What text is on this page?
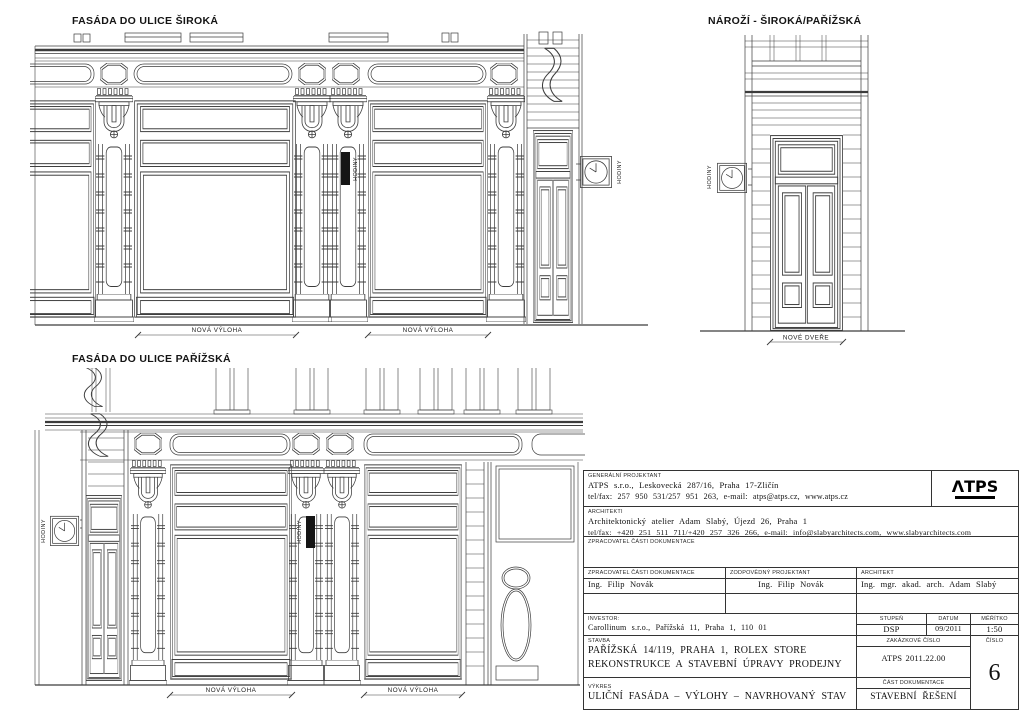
FASÁDA DO ULICE ŠIROKÁ
HODINY	HODINY
NOVÁ VÝLOHA	NOVÁ VÝLOHA
NÁROŽÍ - ŠIROKÁ/PAŘÍŽSKÁ
HODINY
NOVÉ DVEŘE
FASÁDA DO ULICE PAŘÍŽSKÁ
HODINY
HODINY
NOVÁ VÝLOHA	NOVÁ VÝLOHA
GENERÁLNÍ PROJEKTANT
ATPS s.r.o., Leskovecká 287/16, Praha 17-Zličín
tel/fax: 257 950 531/257 951 263, e-mail: atps@atps.cz, www.atps.cz
ΛTPS
ARCHITEKTI
Architektonický atelier Adam Slabý, Újezd 26, Praha 1
tel/fax: +420 251 511 711/+420 257 326 266, e-mail: info@slabyarchitects.com, www.slabyarchitects.com
ZPRACOVATEL ČÁSTI DOKUMENTACE
ZPRACOVATEL ČÁSTI DOKUMENTACE
Ing. Filip Novák
ZODPOVĚDNÝ PROJEKTANT
Ing. Filip Novák
ARCHITEKT
Ing. mgr. akad. arch. Adam Slabý
INVESTOR:
Carollinum s.r.o., Pařížská 11, Praha 1, 110 01
STUPEŇ
DSP
DATUM
09/2011
MĚŘÍTKO
1:50
STAVBA
PAŘÍŽSKÁ 14/119, PRAHA 1, ROLEX STORE
REKONSTRUKCE A STAVEBNÍ ÚPRAVY PRODEJNY
ZAKÁZKOVÉ ČÍSLO
ATPS 2011.22.00
ČÍSLO
6
VÝKRES
ULIČNÍ FASÁDA – VÝLOHY – NAVRHOVANÝ STAV
ČÁST DOKUMENTACE
STAVEBNÍ ŘEŠENÍ
